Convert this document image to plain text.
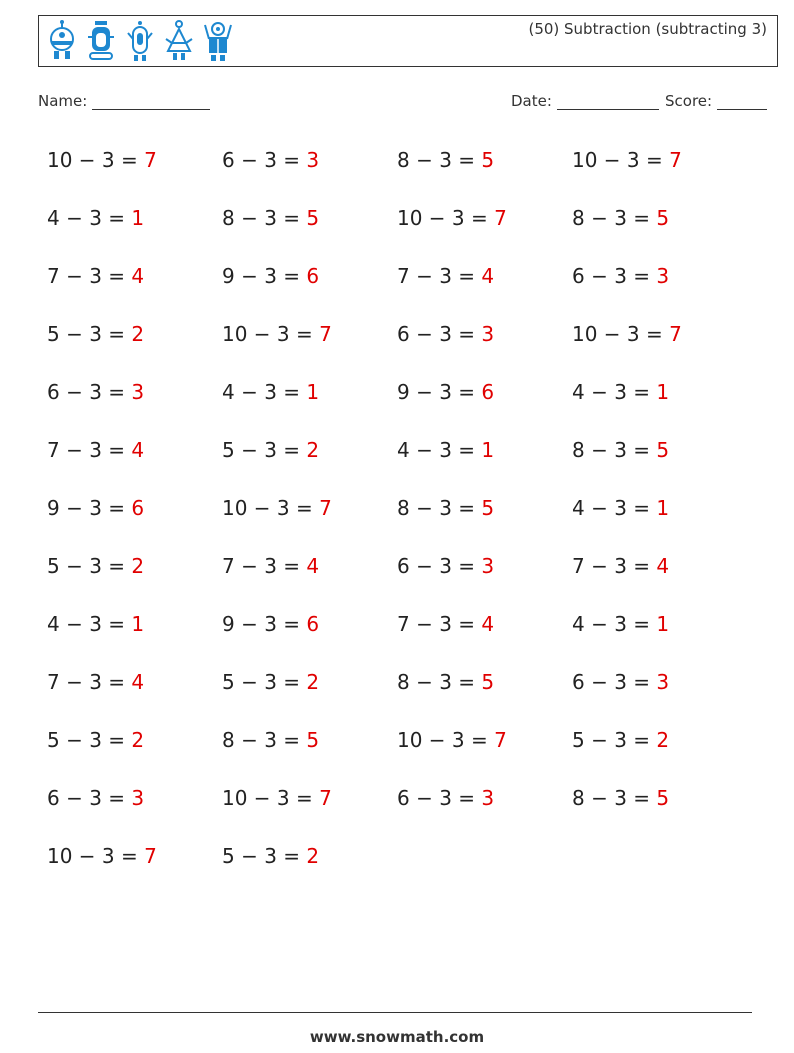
(50) Subtraction (subtracting 3)
Name:	Date:	Score:
10 − 3 = 7	6 − 3 = 3	8 − 3 = 5	10 − 3 = 7
4 − 3 = 1	8 − 3 = 5	10 − 3 = 7	8 − 3 = 5
7 − 3 = 4	9 − 3 = 6	7 − 3 = 4	6 − 3 = 3
5 − 3 = 2	10 − 3 = 7	6 − 3 = 3	10 − 3 = 7
6 − 3 = 3	4 − 3 = 1	9 − 3 = 6	4 − 3 = 1
7 − 3 = 4	5 − 3 = 2	4 − 3 = 1	8 − 3 = 5
9 − 3 = 6	10 − 3 = 7	8 − 3 = 5	4 − 3 = 1
5 − 3 = 2	7 − 3 = 4	6 − 3 = 3	7 − 3 = 4
4 − 3 = 1	9 − 3 = 6	7 − 3 = 4	4 − 3 = 1
7 − 3 = 4	5 − 3 = 2	8 − 3 = 5	6 − 3 = 3
5 − 3 = 2	8 − 3 = 5	10 − 3 = 7	5 − 3 = 2
6 − 3 = 3	10 − 3 = 7	6 − 3 = 3	8 − 3 = 5
10 − 3 = 7	5 − 3 = 2
www.snowmath.com
